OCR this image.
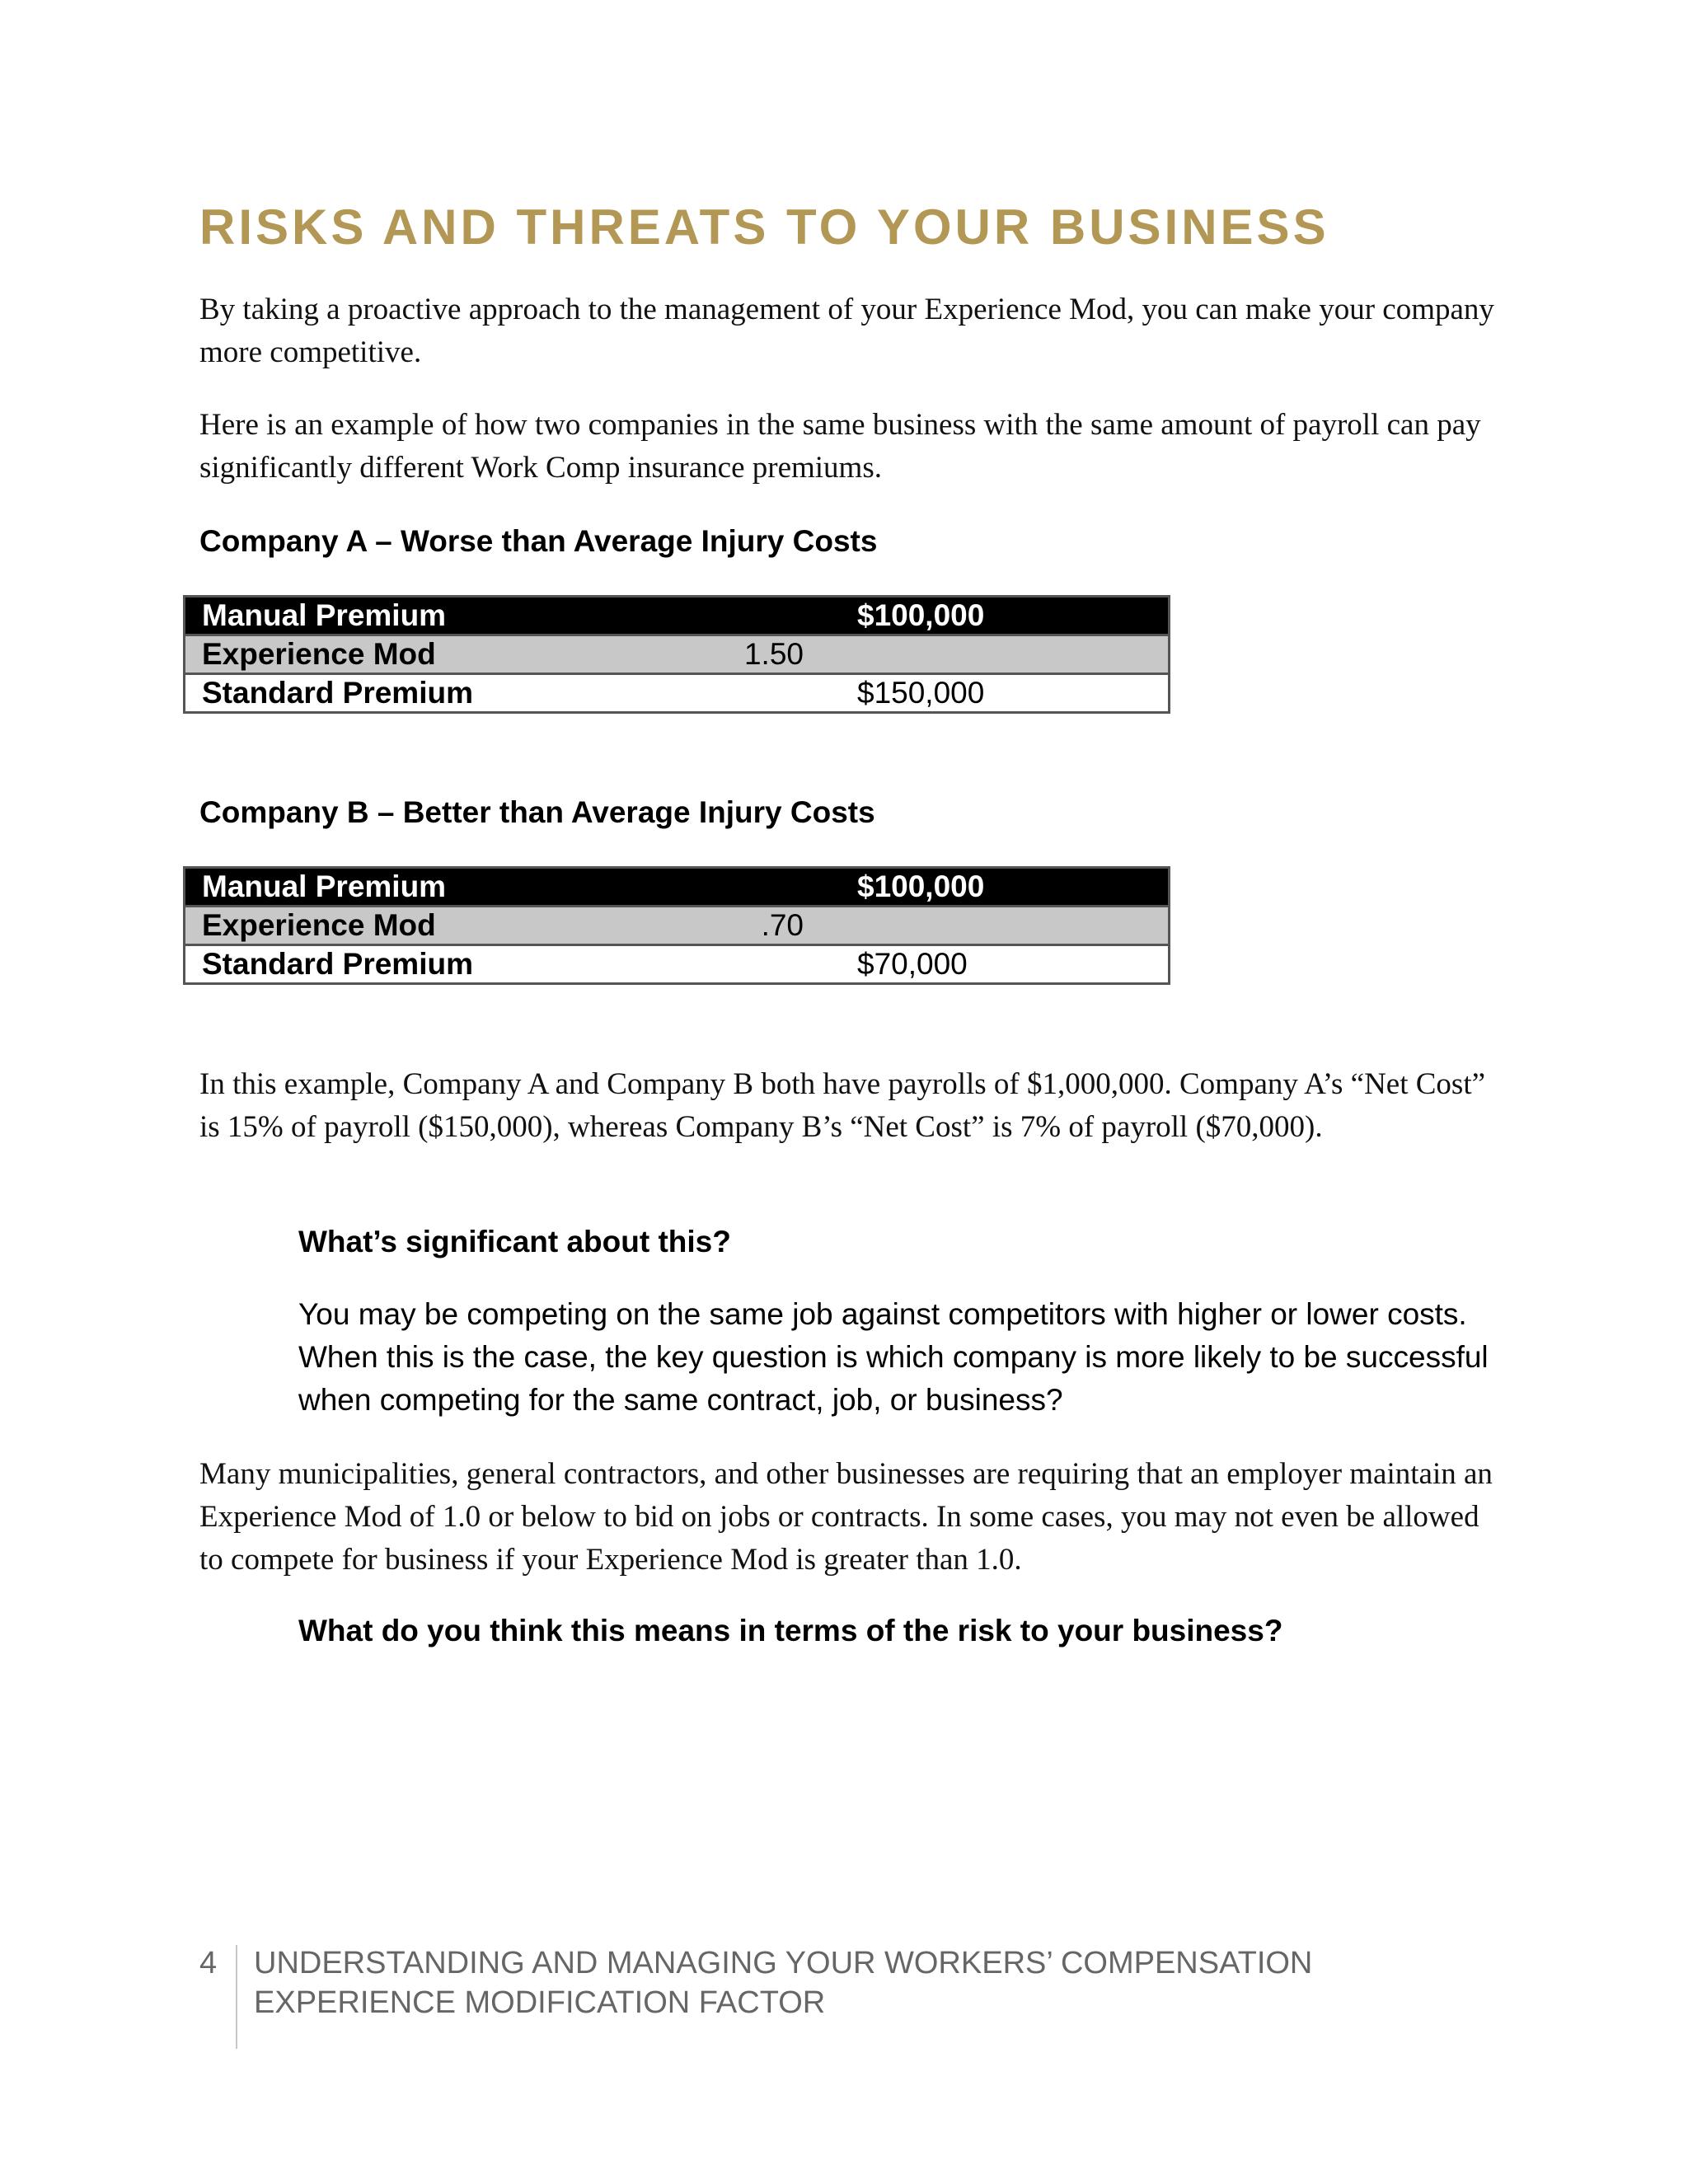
RISKS AND THREATS TO YOUR BUSINESS

By taking a proactive approach to the management of your Experience Mod, you can make your company more competitive.

Here is an example of how two companies in the same business with the same amount of payroll can pay significantly different Work Comp insurance premiums.

Company A – Worse than Average Injury Costs

Manual Premium	$100,000

Experience Mod	1.50

Standard Premium	$150,000

Company B – Better than Average Injury Costs

Manual Premium	$100,000

Experience Mod	.70

Standard Premium	$70,000

In this example, Company A and Company B both have payrolls of $1,000,000. Company A’s “Net Cost” is 15% of payroll ($150,000), whereas Company B’s “Net Cost” is 7% of payroll ($70,000).

What’s significant about this?

You may be competing on the same job against competitors with higher or lower costs. When this is the case, the key question is which company is more likely to be successful when competing for the same contract, job, or business?

Many municipalities, general contractors, and other businesses are requiring that an employer maintain an Experience Mod of 1.0 or below to bid on jobs or contracts. In some cases, you may not even be allowed to compete for business if your Experience Mod is greater than 1.0.

What do you think this means in terms of the risk to your business?

4 UNDERSTANDING AND MANAGING YOUR WORKERS’ COMPENSATION
EXPERIENCE MODIFICATION FACTOR
